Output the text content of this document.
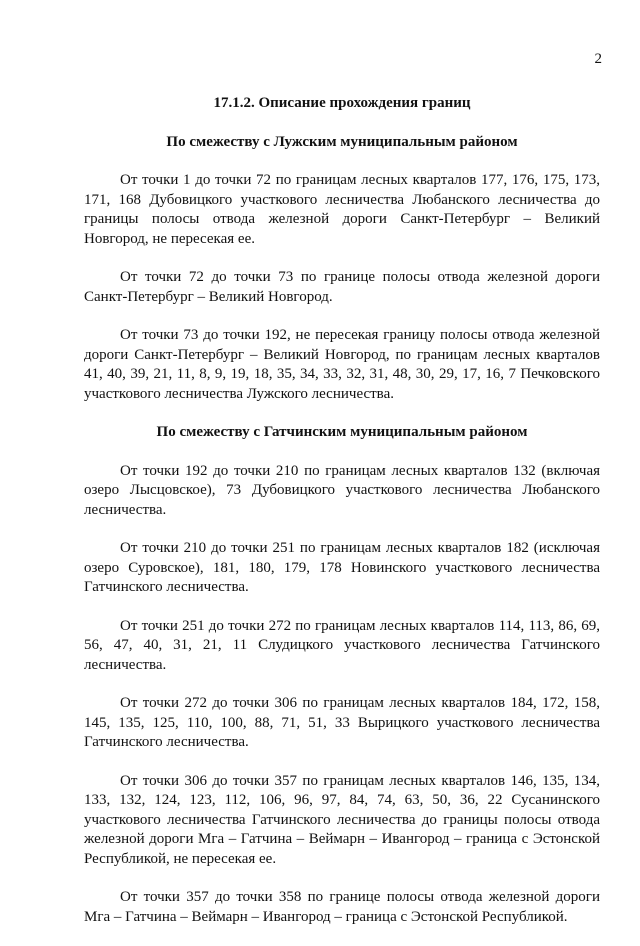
2
17.1.2. Описание прохождения границ
По смежеству с Лужским муниципальным районом

От точки 1 до точки 72 по границам лесных кварталов 177, 176, 175, 173, 171, 168 Дубовицкого участкового лесничества Любанского лесничества до границы полосы отвода железной дороги Санкт-Петербург – Великий Новгород, не пересекая ее.

От точки 72 до точки 73 по границе полосы отвода железной дороги Санкт-Петербург – Великий Новгород.

От точки 73 до точки 192, не пересекая границу полосы отвода железной дороги Санкт-Петербург – Великий Новгород, по границам лесных кварталов 41, 40, 39, 21, 11, 8, 9, 19, 18, 35, 34, 33, 32, 31, 48, 30, 29, 17, 16, 7 Печковского участкового лесничества Лужского лесничества.

По смежеству с Гатчинским муниципальным районом

От точки 192 до точки 210 по границам лесных кварталов 132 (включая озеро Лысцовское), 73 Дубовицкого участкового лесничества Любанского лесничества.

От точки 210 до точки 251 по границам лесных кварталов 182 (исключая озеро Суровское), 181, 180, 179, 178 Новинского участкового лесничества Гатчинского лесничества.

От точки 251 до точки 272 по границам лесных кварталов 114, 113, 86, 69, 56, 47, 40, 31, 21, 11 Слудицкого участкового лесничества Гатчинского лесничества.

От точки 272 до точки 306 по границам лесных кварталов 184, 172, 158, 145, 135, 125, 110, 100, 88, 71, 51, 33 Вырицкого участкового лесничества Гатчинского лесничества.

От точки 306 до точки 357 по границам лесных кварталов 146, 135, 134, 133, 132, 124, 123, 112, 106, 96, 97, 84, 74, 63, 50, 36, 22 Сусанинского участкового лесничества Гатчинского лесничества до границы полосы отвода железной дороги Мга – Гатчина – Веймарн – Ивангород – граница с Эстонской Республикой, не пересекая ее.

От точки 357 до точки 358 по границе полосы отвода железной дороги Мга – Гатчина – Веймарн – Ивангород – граница с Эстонской Республикой.
